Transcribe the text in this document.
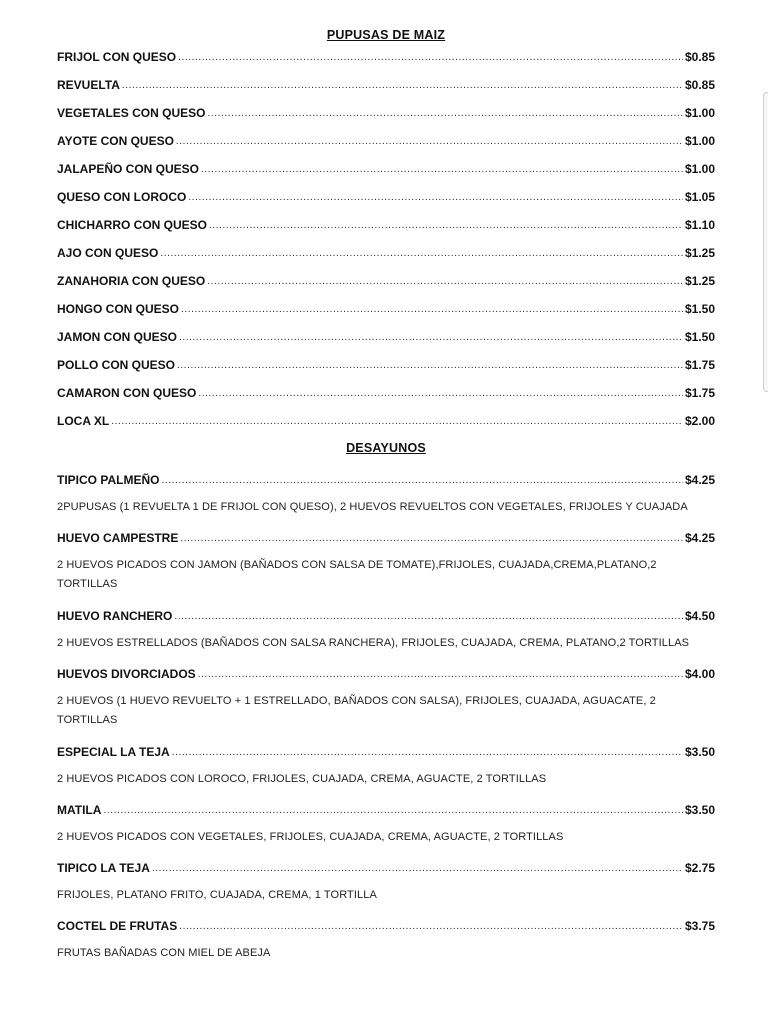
PUPUSAS DE MAIZ
FRIJOL CON QUESO .....	$0.85
REVUELTA .....	$0.85
VEGETALES CON QUESO .....	$1.00
AYOTE CON QUESO .....	$1.00
JALAPEÑO CON QUESO .....	$1.00
QUESO CON LOROCO .....	$1.05
CHICHARRO CON QUESO .....	$1.10
AJO CON QUESO .....	$1.25
ZANAHORIA CON QUESO .....	$1.25
HONGO CON QUESO .....	$1.50
JAMON CON QUESO .....	$1.50
POLLO CON QUESO .....	$1.75
CAMARON CON QUESO .....	$1.75
LOCA XL .....	$2.00
DESAYUNOS
TIPICO PALMEÑO .....	$4.25
2PUPUSAS (1 REVUELTA 1 DE FRIJOL CON QUESO), 2 HUEVOS REVUELTOS CON VEGETALES, FRIJOLES Y CUAJADA
HUEVO CAMPESTRE .....	$4.25
2 HUEVOS PICADOS CON JAMON (BAÑADOS CON SALSA DE TOMATE),FRIJOLES, CUAJADA,CREMA,PLATANO,2 TORTILLAS
HUEVO RANCHERO .....	$4.50
2 HUEVOS ESTRELLADOS (BAÑADOS CON SALSA RANCHERA), FRIJOLES, CUAJADA, CREMA, PLATANO,2 TORTILLAS
HUEVOS DIVORCIADOS .....	$4.00
2 HUEVOS (1 HUEVO REVUELTO + 1 ESTRELLADO, BAÑADOS CON SALSA), FRIJOLES, CUAJADA, AGUACATE, 2 TORTILLAS
ESPECIAL LA TEJA .....	$3.50
2 HUEVOS PICADOS CON LOROCO, FRIJOLES, CUAJADA, CREMA, AGUACTE, 2 TORTILLAS
MATILA .....	$3.50
2 HUEVOS PICADOS CON VEGETALES, FRIJOLES, CUAJADA, CREMA, AGUACTE, 2 TORTILLAS
TIPICO LA TEJA .....	$2.75
FRIJOLES, PLATANO FRITO, CUAJADA, CREMA, 1 TORTILLA
COCTEL DE FRUTAS .....	$3.75
FRUTAS BAÑADAS CON MIEL DE ABEJA
